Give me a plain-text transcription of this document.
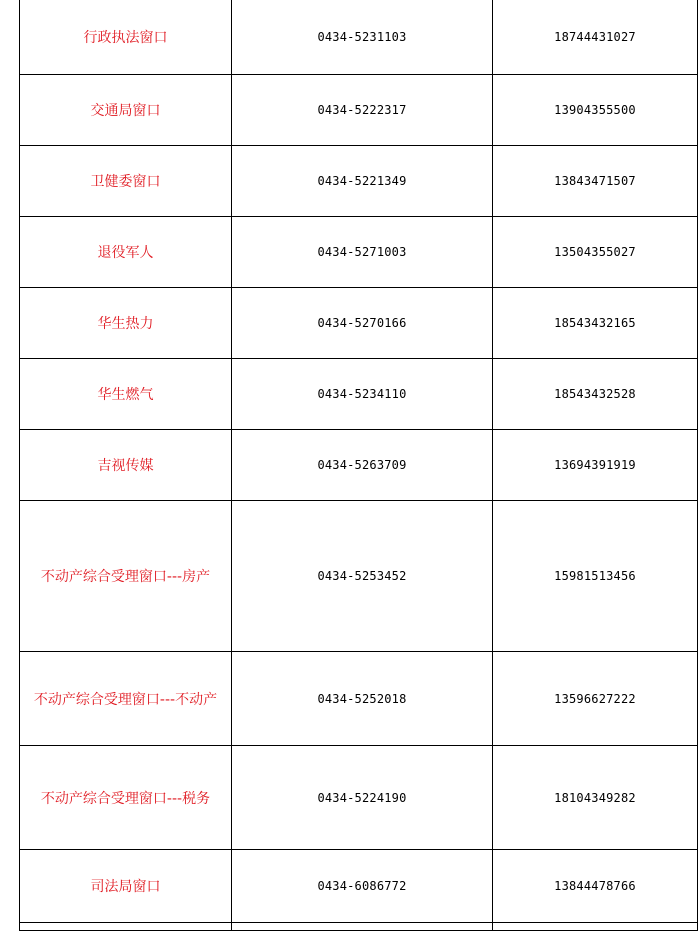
行政执法窗口	0434-5231103	18744431027
交通局窗口	0434-5222317	13904355500
卫健委窗口	0434-5221349	13843471507
退役军人	0434-5271003	13504355027
华生热力	0434-5270166	18543432165
华生燃气	0434-5234110	18543432528
吉视传媒	0434-5263709	13694391919
不动产综合受理窗口---房产	0434-5253452	15981513456
不动产综合受理窗口---不动产	0434-5252018	13596627222
不动产综合受理窗口---税务	0434-5224190	18104349282
司法局窗口	0434-6086772	13844478766
